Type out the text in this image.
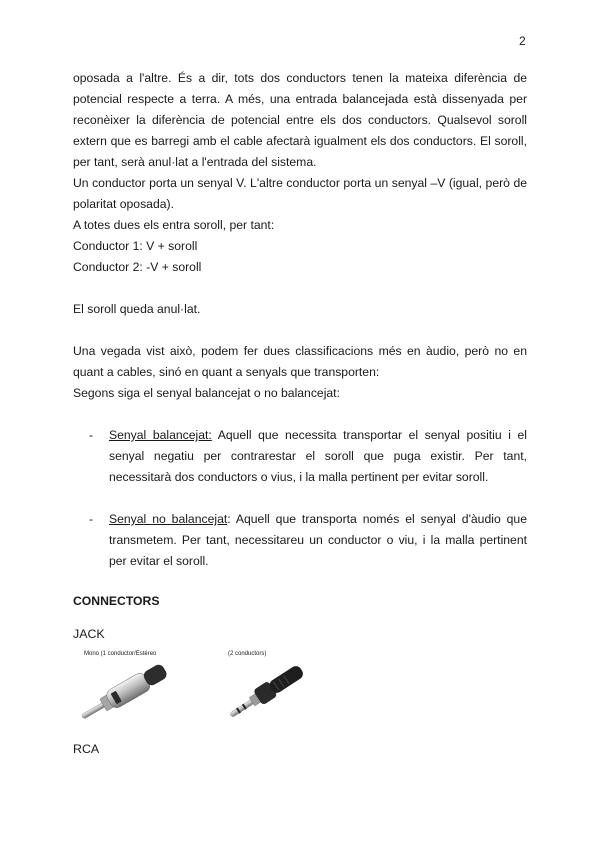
2

oposada a l'altre. És a dir, tots dos conductors tenen la mateixa diferència de potencial respecte a terra. A més, una entrada balancejada està dissenyada per reconèixer la diferència de potencial entre els dos conductors. Qualsevol soroll extern que es barregi amb el cable afectarà igualment els dos conductors. El soroll, per tant, serà anul·lat a l'entrada del sistema.

Un conductor porta un senyal V. L'altre conductor porta un senyal –V (igual, però de polaritat oposada).

A totes dues els entra soroll, per tant:
Conductor 1: V + soroll
Conductor 2: -V + soroll
El soroll queda anul·lat.

Una vegada vist això, podem fer dues classificacions més en àudio, però no en quant a cables, sinó en quant a senyals que transporten:

Segons siga el senyal balancejat o no balancejat:
- Senyal balancejat: Aquell que necessita transportar el senyal positiu i el senyal negatiu per contrarestar el soroll que puga existir. Per tant, necessitarà dos conductors o vius, i la malla pertinent per evitar soroll.

- Senyal no balancejat: Aquell que transporta només el senyal d'àudio que transmetem. Per tant, necessitareu un conductor o viu, i la malla pertinent per evitar el soroll.

CONNECTORS
JACK
Mono (1 conductor/Estéreo	(2 conductors)
RCA
